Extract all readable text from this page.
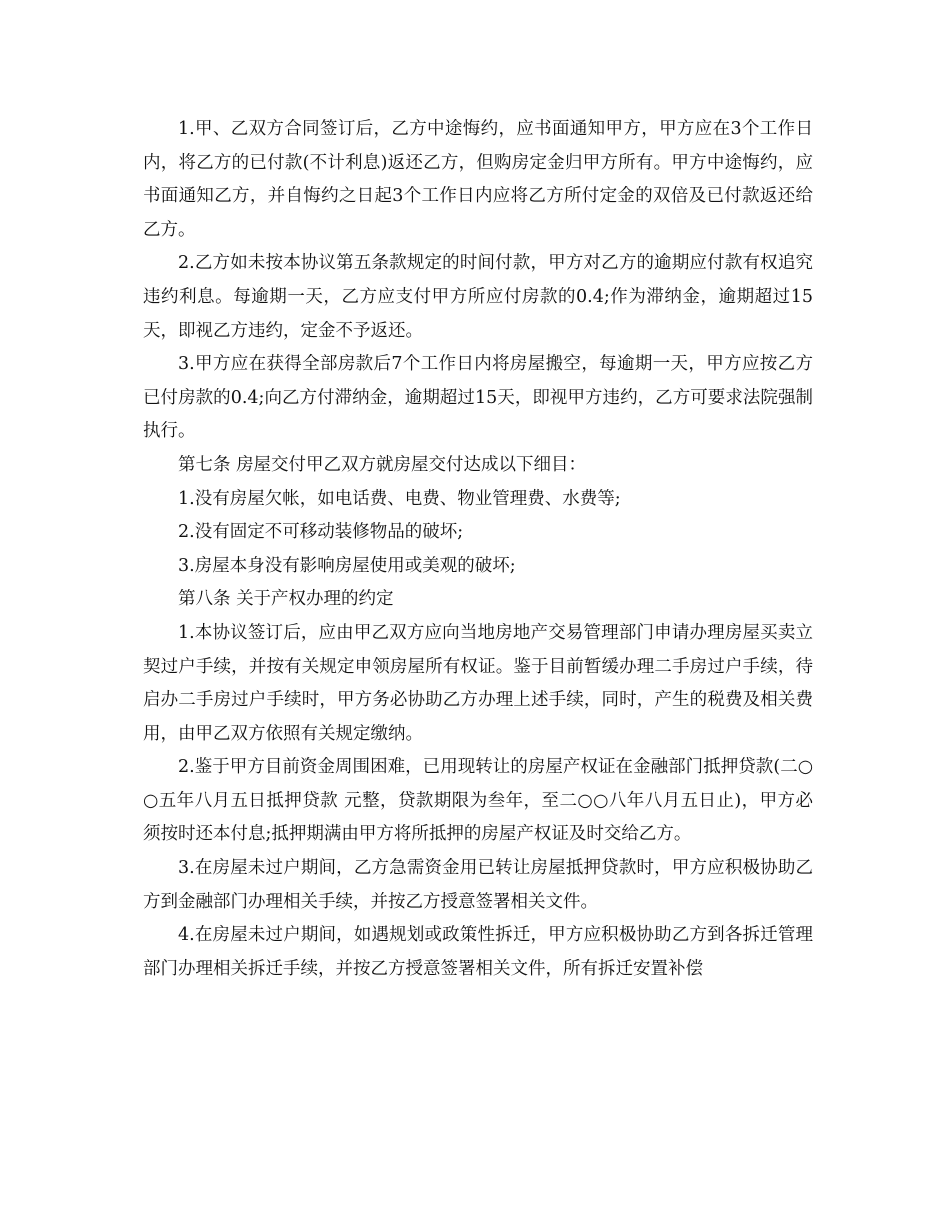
1.甲、乙双方合同签订后，乙方中途悔约，应书面通知甲方，甲方应在3个工作日内，将乙方的已付款(不计利息)返还乙方，但购房定金归甲方所有。甲方中途悔约，应书面通知乙方，并自悔约之日起3个工作日内应将乙方所付定金的双倍及已付款返还给乙方。

2.乙方如未按本协议第五条款规定的时间付款，甲方对乙方的逾期应付款有权追究违约利息。每逾期一天，乙方应支付甲方所应付房款的0.4;作为滞纳金，逾期超过15天，即视乙方违约，定金不予返还。

3.甲方应在获得全部房款后7个工作日内将房屋搬空，每逾期一天，甲方应按乙方已付房款的0.4;向乙方付滞纳金，逾期超过15天，即视甲方违约，乙方可要求法院强制执行。

第七条 房屋交付甲乙双方就房屋交付达成以下细目：

1.没有房屋欠帐，如电话费、电费、物业管理费、水费等;

2.没有固定不可移动装修物品的破坏;

3.房屋本身没有影响房屋使用或美观的破坏;

第八条 关于产权办理的约定

1.本协议签订后，应由甲乙双方应向当地房地产交易管理部门申请办理房屋买卖立契过户手续，并按有关规定申领房屋所有权证。鉴于目前暂缓办理二手房过户手续，待启办二手房过户手续时，甲方务必协助乙方办理上述手续，同时，产生的税费及相关费用，由甲乙双方依照有关规定缴纳。

2.鉴于甲方目前资金周围困难，已用现转让的房屋产权证在金融部门抵押贷款(二○○五年八月五日抵押贷款 元整，贷款期限为叁年，至二○○八年八月五日止)，甲方必须按时还本付息;抵押期满由甲方将所抵押的房屋产权证及时交给乙方。

3.在房屋未过户期间，乙方急需资金用已转让房屋抵押贷款时，甲方应积极协助乙方到金融部门办理相关手续，并按乙方授意签署相关文件。

4.在房屋未过户期间，如遇规划或政策性拆迁，甲方应积极协助乙方到各拆迁管理部门办理相关拆迁手续，并按乙方授意签署相关文件，所有拆迁安置补偿
